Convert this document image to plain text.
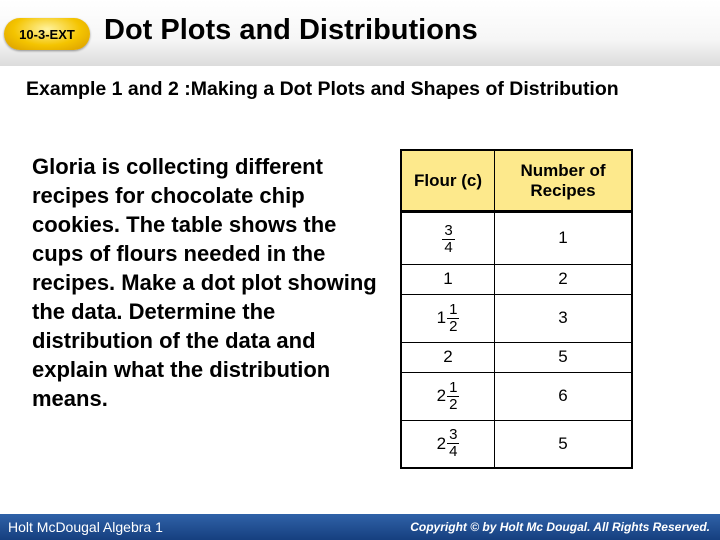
10-3-EXT	Dot Plots and Distributions
Example 1 and 2 :Making a Dot Plots and Shapes of Distribution
Gloria is collecting different recipes for chocolate chip cookies. The table shows the cups of flours needed in the recipes. Make a dot plot showing the data. Determine the distribution of the data and explain what the distribution means.
Flour (c)	Number of Recipes

$\frac{3}{4}$	1

1	2

$1 \frac{1}{2}$	3

2	5

$2 \frac{1}{2}$	6

$2 \frac{3}{4}$	5
Holt McDougal Algebra 1	Copyright © by Holt Mc Dougal. All Rights Reserved.
